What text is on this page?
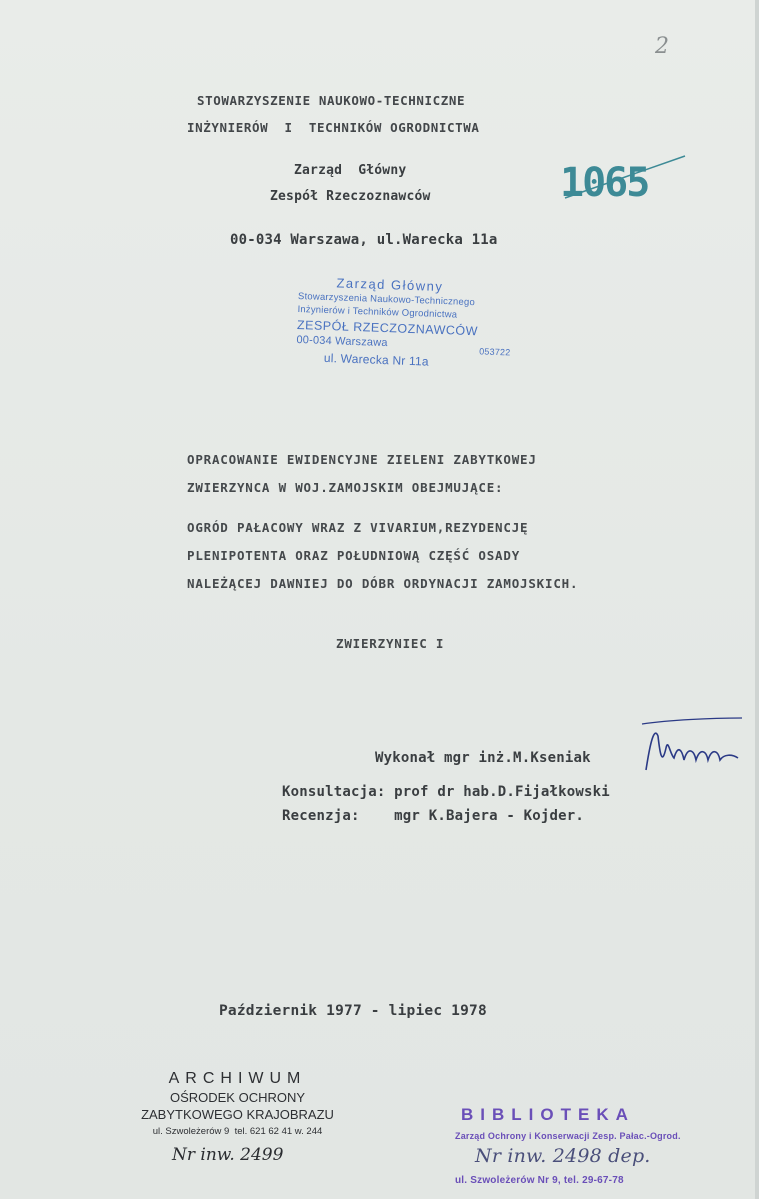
2
STOWARZYSZENIE NAUKOWO-TECHNICZNE
INŻYNIERÓW  I  TECHNIKÓW OGRODNICTWA
Zarząd  Główny
Zespół Rzeczoznawców
00-034 Warszawa, ul.Warecka 11a
1065
Zarząd Główny
Stowarzyszenia Naukowo-Technicznego
Inżynierów i Techników Ogrodnictwa
ZESPÓŁ RZECZOZNAWCÓW
00-034 Warszawa
053722
ul. Warecka Nr 11a
OPRACOWANIE EWIDENCYJNE ZIELENI ZABYTKOWEJ
ZWIERZYNCA W WOJ.ZAMOJSKIM OBEJMUJĄCE:
OGRÓD PAŁACOWY WRAZ Z VIVARIUM,REZYDENCJĘ
PLENIPOTENTA ORAZ POŁUDNIOWĄ CZĘŚĆ OSADY
NALEŻĄCEJ DAWNIEJ DO DÓBR ORDYNACJI ZAMOJSKICH.
ZWIERZYNIEC I
Wykonał mgr inż.M.Kseniak
Konsultacja: prof dr hab.D.Fijałkowski
Recenzja:    mgr K.Bajera - Kojder.
Październik 1977 - lipiec 1978
ARCHIWUM
OŚRODEK OCHRONY
ZABYTKOWEGO KRAJOBRAZU
ul. Szwoleżerów 9  tel. 621 62 41 w. 244
Nr inw. 2499
BIBLIOTEKA
Zarząd Ochrony i Konserwacji Zesp. Pałac.-Ogrod.
Nr inw. 2498 dep.
ul. Szwoleżerów Nr 9, tel. 29-67-78
